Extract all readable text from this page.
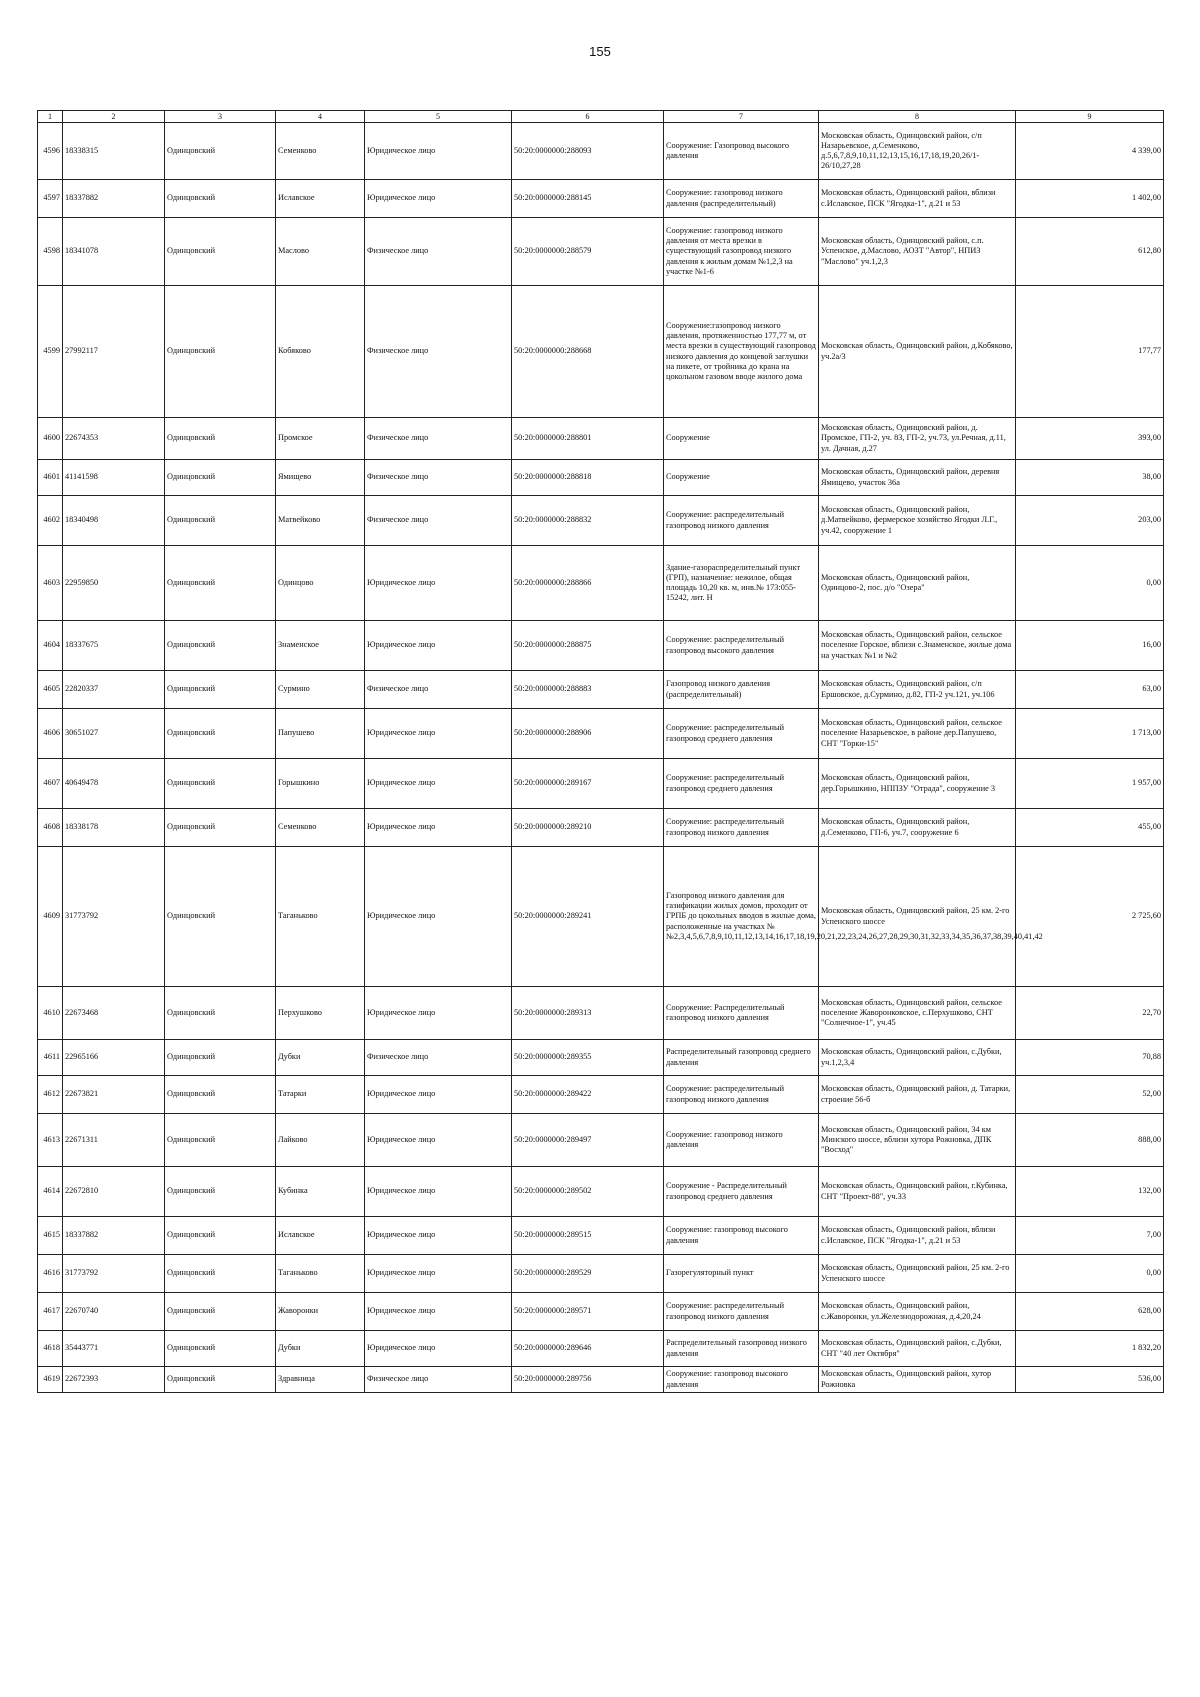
155
1	2	3	4	5	6	7	8	9
4596	18338315	Одинцовский	Семенково	Юридическое лицо	50:20:0000000:288093	Сооружение: Газопровод высокого давления	Московская область, Одинцовский район, с/п Назарьевское, д.Семенково, д.5,6,7,8,9,10,11,12,13,15,16,17,18,19,20,26/1-26/10,27,28	4 339,00
4597	18337882	Одинцовский	Иславское	Юридическое лицо	50:20:0000000:288145	Сооружение: газопровод низкого давления (распределительный)	Московская область, Одинцовский район, вблизи с.Иславское, ПСК "Ягодка-1", д.21 и 53	1 402,00
4598	18341078	Одинцовский	Маслово	Физическое лицо	50:20:0000000:288579	Сооружение: газопровод низкого давления от места врезки в существующий газопровод низкого давления к жилым домам №1,2,3 на участке №1-6	Московская область, Одинцовский район, с.п. Успенское, д.Маслово, АОЗТ "Автор", НПИЗ "Маслово" уч.1,2,3	612,80
4599	27992117	Одинцовский	Кобяково	Физическое лицо	50:20:0000000:288668	Сооружение:газопровод низкого давления, протяженностью 177,77 м, от места врезки в существующий газопровод низкого давления до концевой заглушки на пикете, от тройника до крана на цокольном газовом вводе жилого дома	Московская область, Одинцовский район, д.Кобяково, уч.2а/3	177,77
4600	22674353	Одинцовский	Промское	Физическое лицо	50:20:0000000:288801	Сооружение	Московская область, Одинцовский район, д. Промское, ГП-2, уч. 83, ГП-2, уч.73, ул.Речная, д.11, ул. Дачная, д.27	393,00
4601	41141598	Одинцовский	Ямищево	Физическое лицо	50:20:0000000:288818	Сооружение	Московская область, Одинцовский район, деревня Ямищево, участок 36а	38,00
4602	18340498	Одинцовский	Матвейково	Физическое лицо	50:20:0000000:288832	Сооружение: распределительный газопровод низкого давления	Московская область, Одинцовский район, д.Матвейково, фермерское хозяйство Ягодки Л.Г., уч.42, сооружение 1	203,00
4603	22959850	Одинцовский	Одинцово	Юридическое лицо	50:20:0000000:288866	Здание-газораспределительный пункт (ГРП), назначение: нежилое, общая площадь 10,20 кв. м, инв.№ 173:055-15242, лит. Н	Московская область, Одинцовский район, Одинцово-2, пос. д/о "Озера"	0,00
4604	18337675	Одинцовский	Знаменское	Юридическое лицо	50:20:0000000:288875	Сооружение: распределительный газопровод высокого давления	Московская область, Одинцовский район, сельское поселение Горское, вблизи с.Знаменское, жилые дома на участках №1 и №2	16,00
4605	22820337	Одинцовский	Сурмино	Физическое лицо	50:20:0000000:288883	Газопровод низкого давления (распределительный)	Московская область, Одинцовский район, с/п Ершовское, д.Сурмино, д.82, ГП-2 уч.121, уч.106	63,00
4606	30651027	Одинцовский	Папушево	Юридическое лицо	50:20:0000000:288906	Сооружение: распределительный газопровод среднего давления	Московская область, Одинцовский район, сельское поселение Назарьевское, в районе дер.Папушево, СНТ "Горки-15"	1 713,00
4607	40649478	Одинцовский	Горышкино	Юридическое лицо	50:20:0000000:289167	Сооружение: распределительный газопровод среднего давления	Московская область, Одинцовский район, дер.Горышкино, НППЗУ "Отрада", сооружение 3	1 957,00
4608	18338178	Одинцовский	Семенково	Юридическое лицо	50:20:0000000:289210	Сооружение: распределительный газопровод низкого давления	Московская область, Одинцовский район, д.Семенково, ГП-6, уч.7, сооружение 6	455,00
4609	31773792	Одинцовский	Таганьково	Юридическое лицо	50:20:0000000:289241	Газопровод низкого давления для газификации жилых домов, проходит от ГРПБ до цокольных вводов в жилые дома, расположенные на участках №№2,3,4,5,6,7,8,9,10,11,12,13,14,16,17,18,19,20,21,22,23,24,26,27,28,29,30,31,32,33,34,35,36,37,38,39,40,41,42	Московская область, Одинцовский район, 25 км. 2-го Успенского шоссе	2 725,60
4610	22673468	Одинцовский	Перхушково	Юридическое лицо	50:20:0000000:289313	Сооружение: Распределительный газопровод низкого давления	Московская область, Одинцовский район, сельское поселение Жаворонковское, с.Перхушково, СНТ "Солнечное-1", уч.45	22,70
4611	22965166	Одинцовский	Дубки	Физическое лицо	50:20:0000000:289355	Распределительный газопровод среднего давления	Московская область, Одинцовский район, с.Дубки, уч.1,2,3,4	70,88
4612	22673821	Одинцовский	Татарки	Юридическое лицо	50:20:0000000:289422	Сооружение: распределительный газопровод низкого давления	Московская область, Одинцовский район, д. Татарки, строение 56-б	52,00
4613	22671311	Одинцовский	Лайково	Юридическое лицо	50:20:0000000:289497	Сооружение: газопровод низкого давления	Московская область, Одинцовский район, 34 км Минского шоссе, вблизи хутора Рожновка, ДПК "Восход"	888,00
4614	22672810	Одинцовский	Кубинка	Юридическое лицо	50:20:0000000:289502	Сооружение - Распределительный газопровод среднего давления	Московская область, Одинцовский район, г.Кубинка, СНТ "Проект-88", уч.33	132,00
4615	18337882	Одинцовский	Иславское	Юридическое лицо	50:20:0000000:289515	Сооружение: газопровод высокого давления	Московская область, Одинцовский район, вблизи с.Иславское, ПСК "Ягодка-1", д.21 и 53	7,00
4616	31773792	Одинцовский	Таганьково	Юридическое лицо	50:20:0000000:289529	Газорегуляторный пункт	Московская область, Одинцовский район, 25 км. 2-го Успенского шоссе	0,00
4617	22670740	Одинцовский	Жаворонки	Юридическое лицо	50:20:0000000:289571	Сооружение: распределительный газопровод низкого давления	Московская область, Одинцовский район, с.Жаворонки, ул.Железнодорожная, д.4,20,24	628,00
4618	35443771	Одинцовский	Дубки	Юридическое лицо	50:20:0000000:289646	Распределительный газопровод низкого давления	Московская область, Одинцовский район, с.Дубки, СНТ "40 лет Октября"	1 832,20
4619	22672393	Одинцовский	Здравница	Физическое лицо	50:20:0000000:289756	Сооружение: газопровод высокого давления	Московская область, Одинцовский район, хутор Рожновка	536,00
